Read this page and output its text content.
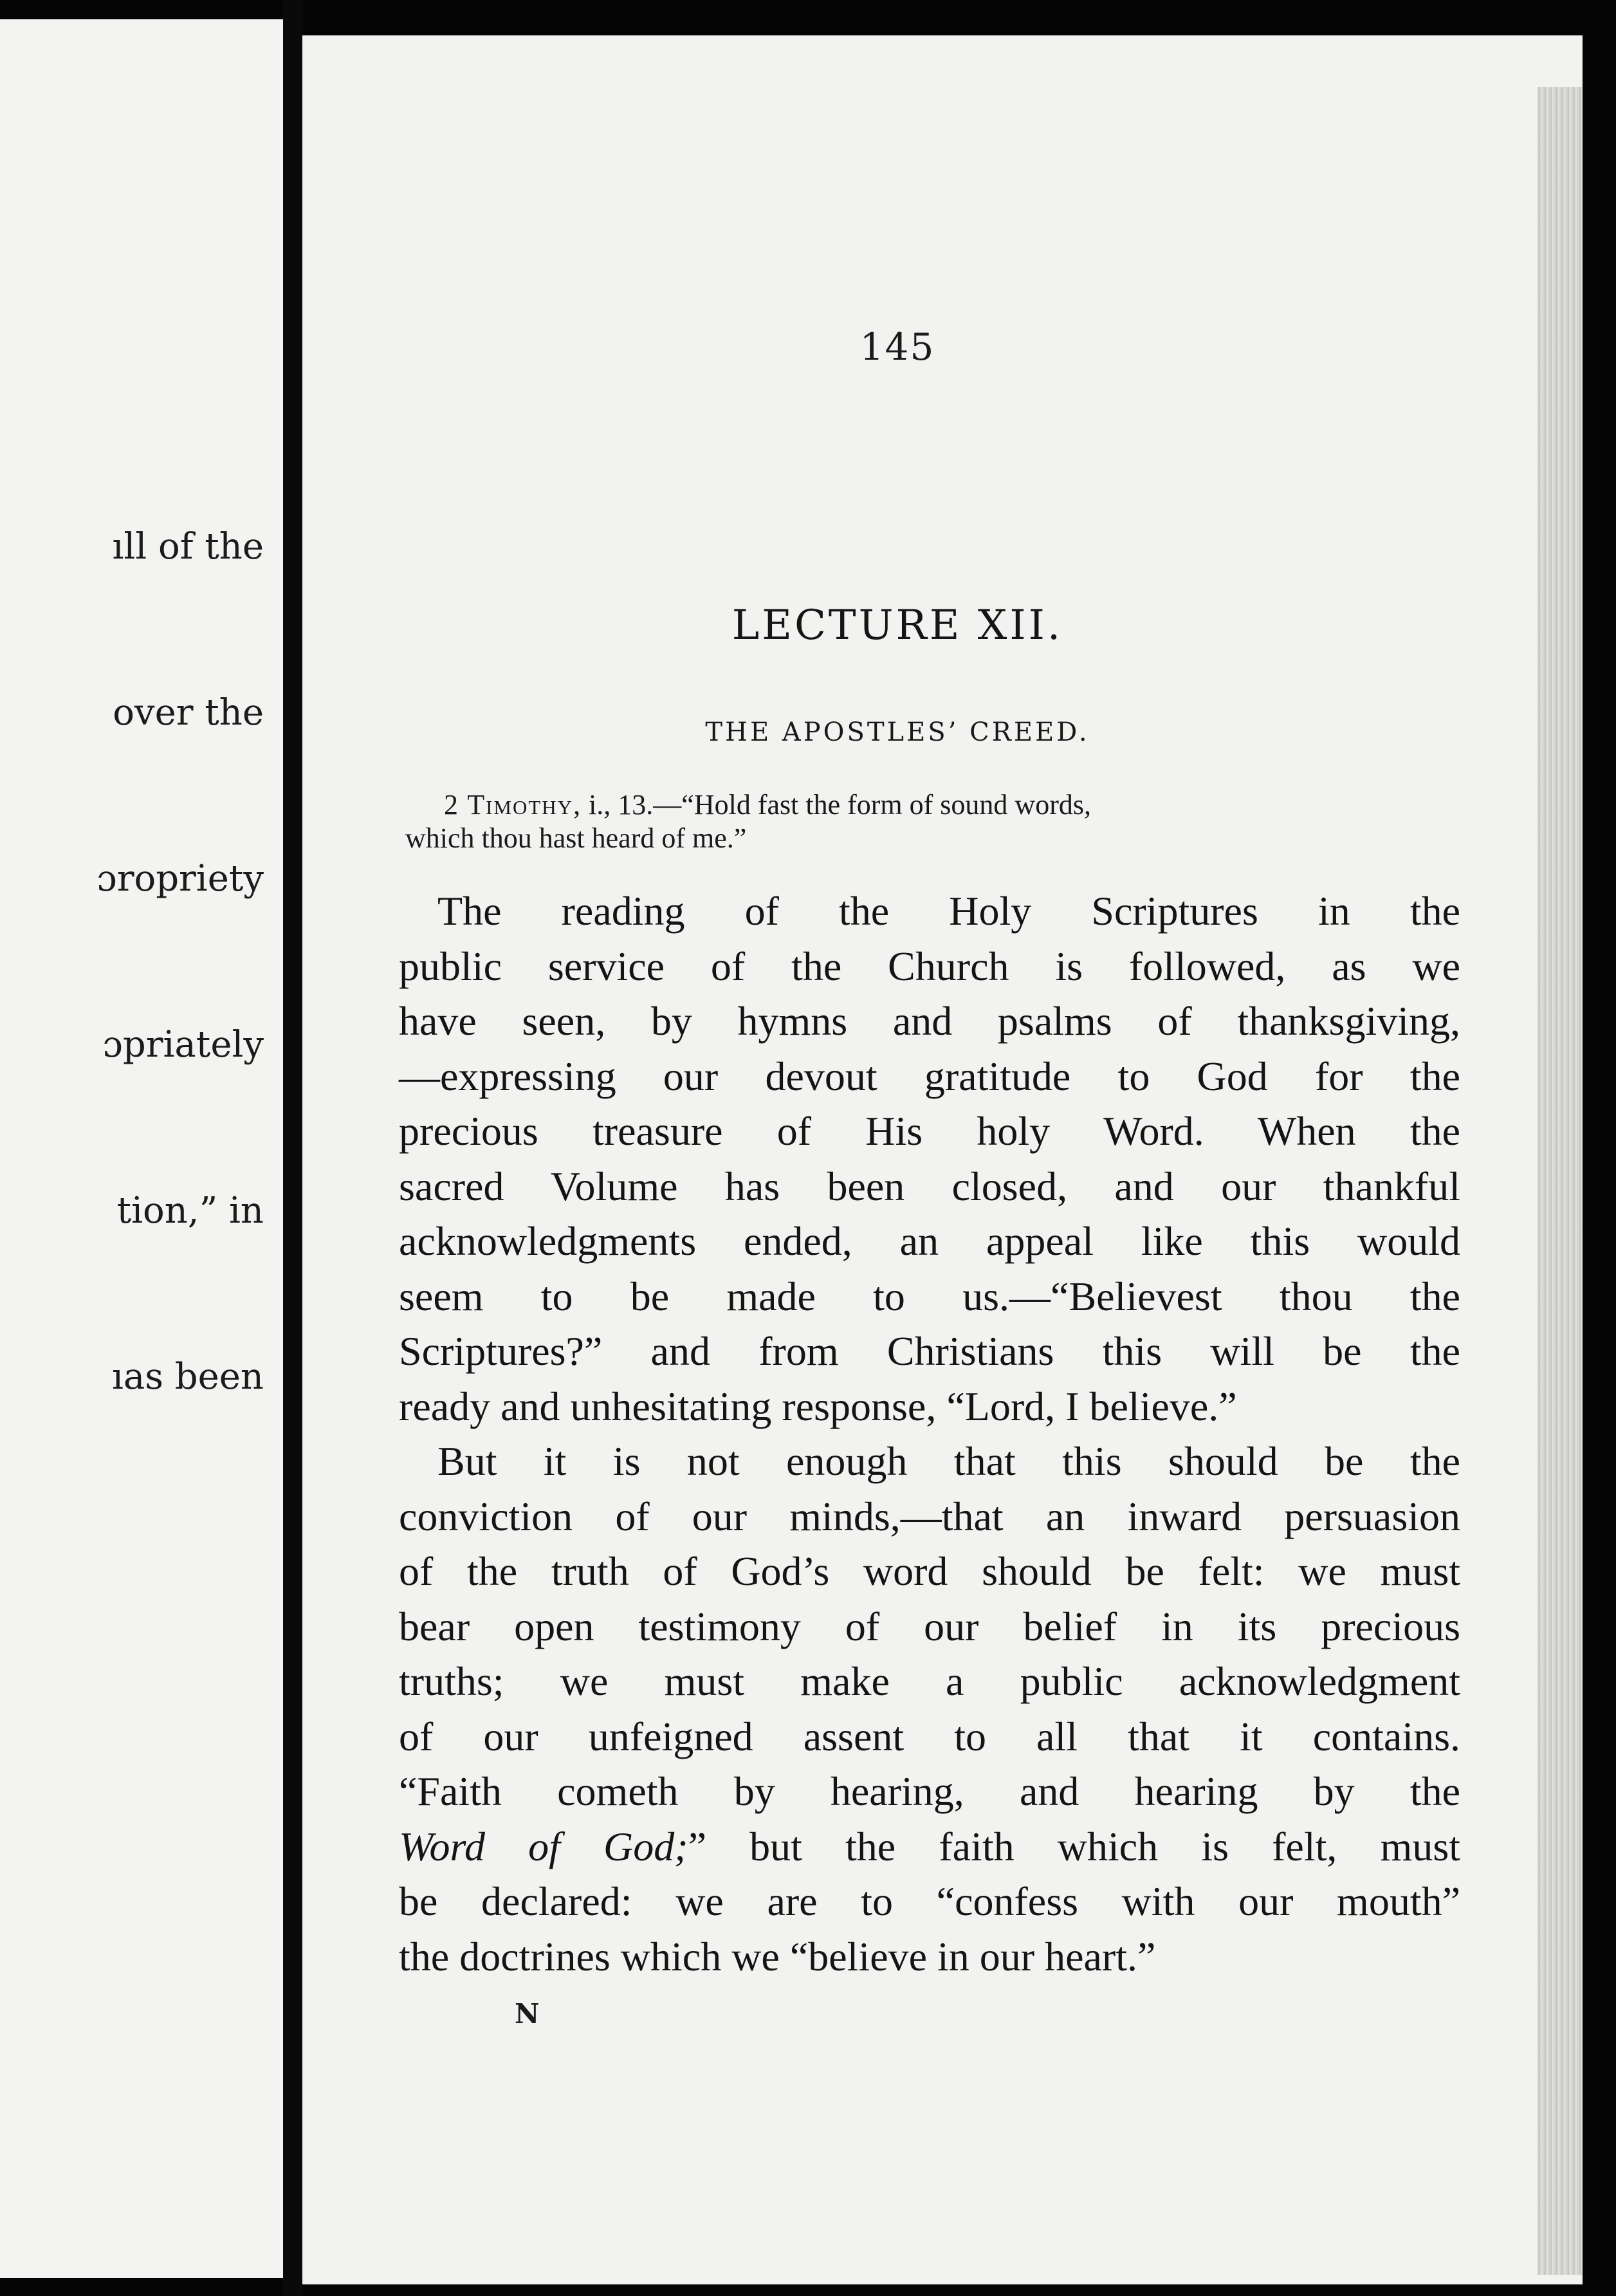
ıll of the

over the

ɔropriety

ɔpriately

tion,” in

ıas been

145
LECTURE XII.
THE APOSTLES’ CREED.
2 Timothy, i., 13.—“Hold fast the form of sound words,
which thou hast heard of me.”
The reading of the Holy Scriptures in the
public service of the Church is followed, as we
have seen, by hymns and psalms of thanksgiving,
—expressing our devout gratitude to God for the
precious treasure of His holy Word. When the
sacred Volume has been closed, and our thankful
acknowledgments ended, an appeal like this would
seem to be made to us.—“Believest thou the
Scriptures?” and from Christians this will be the
ready and unhesitating response, “Lord, I believe.”
But it is not enough that this should be the
conviction of our minds,—that an inward persuasion
of the truth of God’s word should be felt: we must
bear open testimony of our belief in its precious
truths; we must make a public acknowledgment
of our unfeigned assent to all that it contains.
“Faith cometh by hearing, and hearing by the
Word of God;” but the faith which is felt, must
be declared: we are to “confess with our mouth”
the doctrines which we “believe in our heart.”
N
